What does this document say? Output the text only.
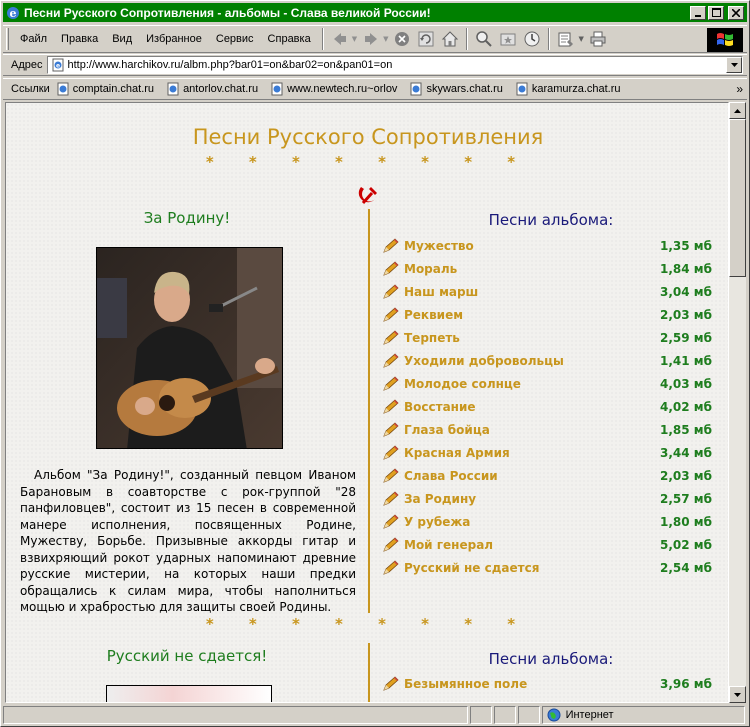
e Песни Русского Сопротивления - альбомы - Слава великой России!
Файл	Правка	Вид	Избранное	Сервис	Справка	▼	▼	▼
Адрес	e
http://www.harchikov.ru/albm.php?bar01=on&bar02=on&pan01=on
Ссылки	comptain.chat.ru	antorlov.chat.ru	www.newtech.ru~orlov	skywars.chat.ru	karamurza.chat.ru	»
Песни Русского Сопротивления
* * * * * * * *
За Родину!
Альбом "За Родину!", созданный певцом Иваном Барановым в соавторстве с рок-группой "28 панфиловцев", состоит из 15 песен в современной манере исполнения, посвященных Родине, Мужеству, Борьбе. Призывные аккорды гитар и взвихряющий рокот ударных напоминают древние русские мистерии, на которых наши предки обращались к силам мира, чтобы наполниться мощью и храбростью для защиты своей Родины.
Песни альбома:
Мужество	1,35 мб
Мораль	1,84 мб
Наш марш	3,04 мб
Реквием	2,03 мб
Терпеть	2,59 мб
Уходили добровольцы	1,41 мб
Молодое солнце	4,03 мб
Восстание	4,02 мб
Глаза бойца	1,85 мб
Красная Армия	3,44 мб
Слава России	2,03 мб
За Родину	2,57 мб
У рубежа	1,80 мб
Мой генерал	5,02 мб
Русский не сдается	2,54 мб
* * * * * * * *
Русский не сдается!	Песни альбома:
Безымянное поле	3,96 мб
Интернет
